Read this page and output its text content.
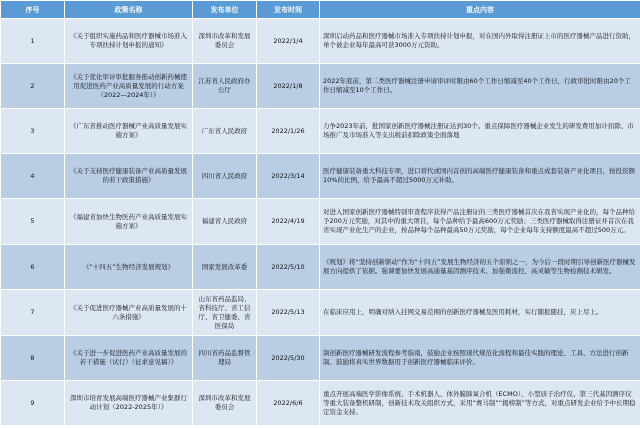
序号	政策名称	发布单位	发布时间	重点内容
1	《关于组织实施药品和医疗器械市场准入专项扶持计划申报的通知》	深圳市改革和发展委员会	2022/1/4	深圳启动药品和医疗器械市场准入专项扶持计划申报，对在国内外取得注册证上市的医疗器械产品进行资助，单个被企业每年最高可获3000万元资助。
2	《关于优化审评审批服务推动创新药械使用促进医药产业高质量发展的行动方案（2022—2024年）》	江苏省人民政府办公厅	2022/1/8	2022年底前，第二类医疗器械注册申请审评时限由60个工作日缩减至40个工作日，行政审批时限由20个工作日缩减至10个工作日。
3	《广东省推动医疗器械产业高质量发展实施方案》	广东省人民政府	2022/1/26	力争2023年前，批国家创新医疗器械注册证达到30个。重点保障医疗器械企业发生的研发费用加计扣除、市场推广及市场准入等支出税前扣除政策全面落地
4	《关于支持医疗健康装备产业高质量发展的若干政策措施》	四川省人民政府	2022/3/14	医疗健康装备重大科技专项，进口替代或国内首创的高端医疗健康装备和重点成套装备产业化项目，按投资额10%的比例，给予最高不超过5000万元补助。
5	《福建省加快生物医药产业高质量发展实施方案》	福建省人民政府	2022/4/19	对进入国家创新医疗器械特别审查程序获得产品注册证的三类医疗器械首次在我省实现产业化的，每个品种给予200万元奖励，对其中的重大项目，每个品种给予最高600万元奖励；三类医疗器械取得注册证并首次在我省实现产业化生产的企业，按品种每个品种最高50万元奖励，每个企业每年支持额度最高不超过500万元。
6	《“十四五”生物经济发展规划》	国家发展改革委	2022/5/10	《规划》将“坚持创新驱动”作为“十四五”发展生物经济的五个原则之一，为今后一段时期引导创新医疗器械发展方向提供了依据。强调要加快发展高通量基因测序技术、加强微流控、高灵敏等生物检测技术研发。
7	《关于促进医疗器械产业高质量发展的十六条措施》	山东省药品监局、省科技厅、省工信厅、省卫健委、省医保局	2022/5/13	在临床应用上，明确对纳入挂网交易范围的创新医疗器械及医用耗材，实行随报随挂，应上尽上。
8	《关于进一步促进医药产业高质量发展的若干措施（试行）（征求意见稿）》	四川省药品监督管理局	2022/5/30	制创新医疗器械研发流程参考指南，鼓励企业按照现代规范化流程和最佳实践的理论、工具、方法进行创新制。鼓励将真实世界数据用于创新医疗器械临床评价。
9	深圳市培育发展高端医疗器械产业集群行动计划（2022-2025年）》	深圳市改革和发展委员会	2022/6/6	重点开展高端医学影像系统、手术机器人、体外膜肺氧合机（ECMO）、小型质子治疗仪、第三代基因测序仪等重大装备整机研制，创新技术攻关组织方式，采用“赛马制”“揭榜制”等方式，对重点研发企业给予中长期稳定资金支持。
